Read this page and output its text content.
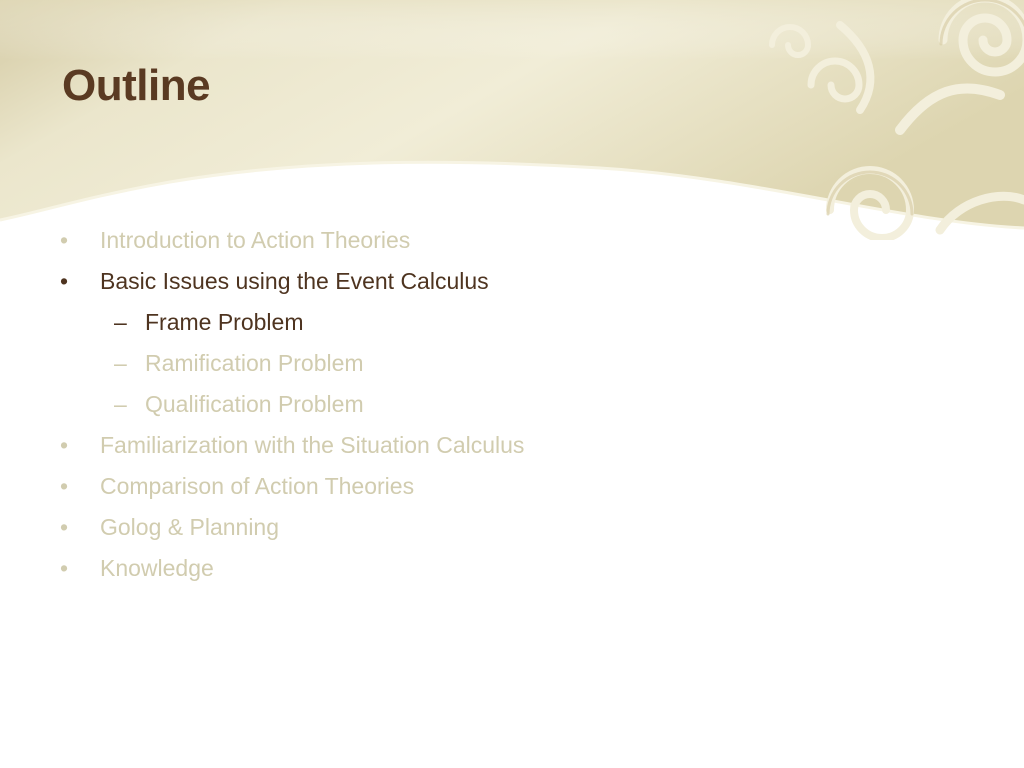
Outline
•	Introduction to Action Theories
•	Basic Issues using the Event Calculus
– Frame Problem
– Ramification Problem
– Qualification Problem
•	Familiarization with the Situation Calculus
•	Comparison of Action Theories
•	Golog & Planning
•	Knowledge
